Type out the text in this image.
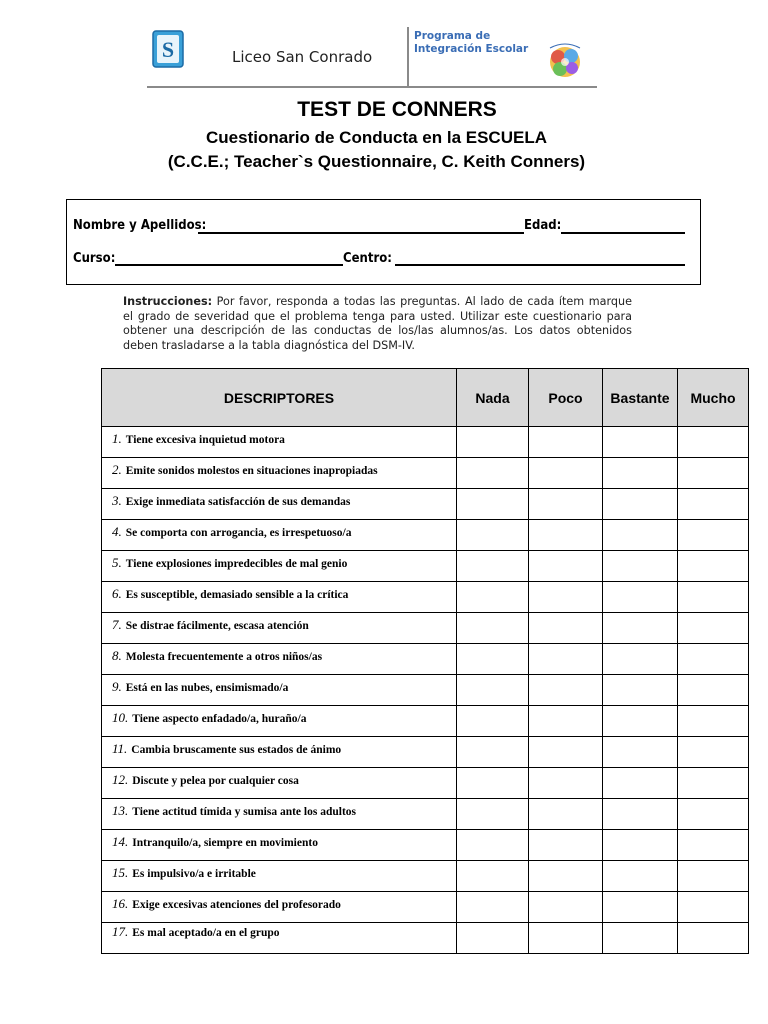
S	Liceo San Conrado
Programa de
Integración Escolar
TEST DE CONNERS
Cuestionario de Conducta en la ESCUELA
(C.C.E.; Teacher`s Questionnaire, C. Keith Conners)
Nombre y Apellidos:	Edad:
Curso:	Centro:
Instrucciones: Por favor, responda a todas las preguntas. Al lado de cada ítem marque el grado de severidad que el problema tenga para usted. Utilizar este cuestionario para obtener una descripción de las conductas de los/las alumnos/as. Los datos obtenidos deben trasladarse a la tabla diagnóstica del DSM-IV.
DESCRIPTORES	Nada	Poco	Bastante	Mucho
1. Tiene excesiva inquietud motora				
2. Emite sonidos molestos en situaciones inapropiadas				
3. Exige inmediata satisfacción de sus demandas				
4. Se comporta con arrogancia, es irrespetuoso/a				
5. Tiene explosiones impredecibles de mal genio				
6. Es susceptible, demasiado sensible a la crítica				
7. Se distrae fácilmente, escasa atención				
8. Molesta frecuentemente a otros niños/as				
9. Está en las nubes, ensimismado/a				
10. Tiene aspecto enfadado/a, huraño/a				
11. Cambia bruscamente sus estados de ánimo				
12. Discute y pelea por cualquier cosa				
13. Tiene actitud tímida y sumisa ante los adultos				
14. Intranquilo/a, siempre en movimiento				
15. Es impulsivo/a e irritable				
16. Exige excesivas atenciones del profesorado				
17. Es mal aceptado/a en el grupo				
